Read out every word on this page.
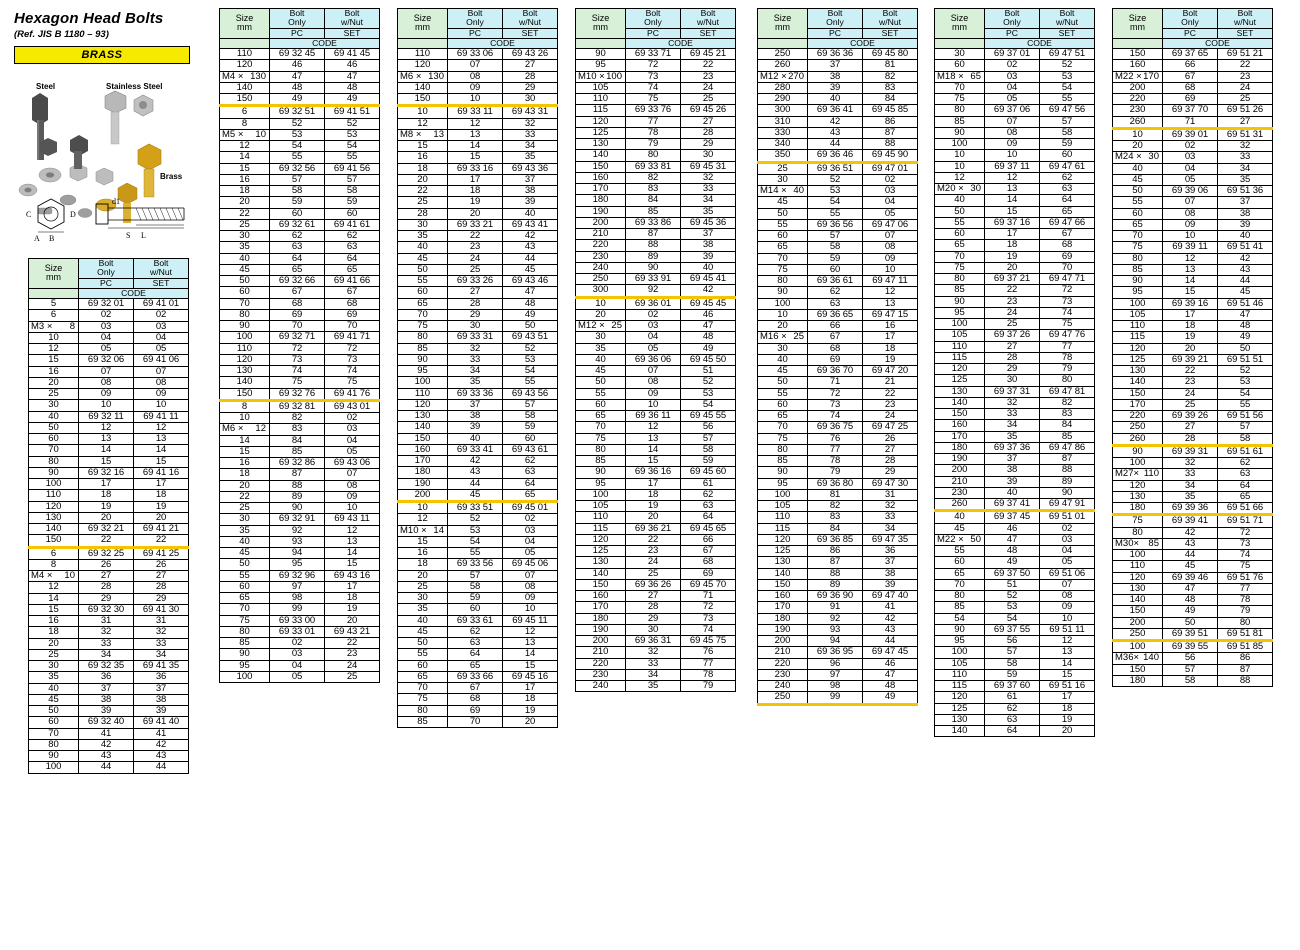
Hexagon Head Bolts
(Ref. JIS B 1180 – 93)
BRASS
Steel	Stainless Steel
Brass
C
B
D
A
d1
L
S
Size
mm

Bolt
Only

Bolt
w/Nut

	PC	SET
	CODE	
110	69 32 45	69 41 45
120	46	46

M4 × 130	47	47
140	48	48
150	49	49
6	69 32 51	69 41 51
8	52	52

M5 × 10	53	53
12	54	54
14	55	55
15	69 32 56	69 41 56
16	57	57
18	58	58
20	59	59
22	60	60
25	69 32 61	69 41 61
30	62	62
35	63	63
40	64	64
45	65	65
50	69 32 66	69 41 66
60	67	67
70	68	68
80	69	69
90	70	70
100	69 32 71	69 41 71
110	72	72
120	73	73
130	74	74
140	75	75
150	69 32 76	69 41 76
8	69 32 81	69 43 01
10	82	02

M6 × 12	83	03
14	84	04
15	85	05
16	69 32 86	69 43 06
18	87	07
20	88	08
22	89	09
25	90	10
30	69 32 91	69 43 11
35	92	12
40	93	13
45	94	14
50	95	15
55	69 32 96	69 43 16
60	97	17
65	98	18
70	99	19
75	69 33 00	20
80	69 33 01	69 43 21
85	02	22
90	03	23
95	04	24
100	05	25
Size
mm

Bolt
Only

Bolt
w/Nut

	PC	SET
	CODE	
5	69 32 01	69 41 01
6	02	02

M3 × 8	03	03
10	04	04
12	05	05
15	69 32 06	69 41 06
16	07	07
20	08	08
25	09	09
30	10	10
40	69 32 11	69 41 11
50	12	12
60	13	13
70	14	14
80	15	15
90	69 32 16	69 41 16
100	17	17
110	18	18
120	19	19
130	20	20
140	69 32 21	69 41 21
150	22	22
6	69 32 25	69 41 25
8	26	26

M4 × 10	27	27
12	28	28
14	29	29
15	69 32 30	69 41 30
16	31	31
18	32	32
20	33	33
25	34	34
30	69 32 35	69 41 35
35	36	36
40	37	37
45	38	38
50	39	39
60	69 32 40	69 41 40
70	41	41
80	42	42
90	43	43
100	44	44
Size
mm

Bolt
Only

Bolt
w/Nut

	PC	SET
	CODE	
110	69 33 06	69 43 26
120	07	27

M6 × 130	08	28
140	09	29
150	10	30
10	69 33 11	69 43 31
12	12	32

M8 × 13	13	33
15	14	34
16	15	35
18	69 33 16	69 43 36
20	17	37
22	18	38
25	19	39
28	20	40
30	69 33 21	69 43 41
35	22	42
40	23	43
45	24	44
50	25	45
55	69 33 26	69 43 46
60	27	47
65	28	48
70	29	49
75	30	50
80	69 33 31	69 43 51
85	32	52
90	33	53
95	34	54
100	35	55
110	69 33 36	69 43 56
120	37	57
130	38	58
140	39	59
150	40	60
160	69 33 41	69 43 61
170	42	62
180	43	63
190	44	64
200	45	65
10	69 33 51	69 45 01
12	52	02

M10 × 14	53	03
15	54	04
16	55	05
18	69 33 56	69 45 06
20	57	07
25	58	08
30	59	09
35	60	10
40	69 33 61	69 45 11
45	62	12
50	63	13
55	64	14
60	65	15
65	69 33 66	69 45 16
70	67	17
75	68	18
80	69	19
85	70	20
Size
mm

Bolt
Only

Bolt
w/Nut

	PC	SET
	CODE	
90	69 33 71	69 45 21
95	72	22

M10 × 100	73	23
105	74	24
110	75	25
115	69 33 76	69 45 26
120	77	27
125	78	28
130	79	29
140	80	30
150	69 33 81	69 45 31
160	82	32
170	83	33
180	84	34
190	85	35
200	69 33 86	69 45 36
210	87	37
220	88	38
230	89	39
240	90	40
250	69 33 91	69 45 41
300	92	42
10	69 36 01	69 45 45
20	02	46

M12 × 25	03	47
30	04	48
35	05	49
40	69 36 06	69 45 50
45	07	51
50	08	52
55	09	53
60	10	54
65	69 36 11	69 45 55
70	12	56
75	13	57
80	14	58
85	15	59
90	69 36 16	69 45 60
95	17	61
100	18	62
105	19	63
110	20	64
115	69 36 21	69 45 65
120	22	66
125	23	67
130	24	68
140	25	69
150	69 36 26	69 45 70
160	27	71
170	28	72
180	29	73
190	30	74
200	69 36 31	69 45 75
210	32	76
220	33	77
230	34	78
240	35	79
Size
mm

Bolt
Only

Bolt
w/Nut

	PC	SET
	CODE	
250	69 36 36	69 45 80
260	37	81

M12 × 270	38	82
280	39	83
290	40	84
300	69 36 41	69 45 85
310	42	86
330	43	87
340	44	88
350	69 36 46	69 45 90
25	69 36 51	69 47 01
30	52	02

M14 × 40	53	03
45	54	04
50	55	05
55	69 36 56	69 47 06
60	57	07
65	58	08
70	59	09
75	60	10
80	69 36 61	69 47 11
90	62	12
100	63	13
10	69 36 65	69 47 15
20	66	16

M16 × 25	67	17
30	68	18
40	69	19
45	69 36 70	69 47 20
50	71	21
55	72	22
60	73	23
65	74	24
70	69 36 75	69 47 25
75	76	26
80	77	27
85	78	28
90	79	29
95	69 36 80	69 47 30
100	81	31
105	82	32
110	83	33
115	84	34
120	69 36 85	69 47 35
125	86	36
130	87	37
140	88	38
150	89	39
160	69 36 90	69 47 40
170	91	41
180	92	42
190	93	43
200	94	44
210	69 36 95	69 47 45
220	96	46
230	97	47
240	98	48
250	99	49
Size
mm

Bolt
Only

Bolt
w/Nut

	PC	SET
	CODE	
30	69 37 01	69 47 51
60	02	52

M18 × 65	03	53
70	04	54
75	05	55
80	69 37 06	69 47 56
85	07	57
90	08	58
100	09	59
10	10	60
10	69 37 11	69 47 61
12	12	62

M20 × 30	13	63
40	14	64
50	15	65
55	69 37 16	69 47 66
60	17	67
65	18	68
70	19	69
75	20	70
80	69 37 21	69 47 71
85	22	72
90	23	73
95	24	74
100	25	75
105	69 37 26	69 47 76
110	27	77
115	28	78
120	29	79
125	30	80
130	69 37 31	69 47 81
140	32	82
150	33	83
160	34	84
170	35	85
180	69 37 36	69 47 86
190	37	87
200	38	88
210	39	89
230	40	90
260	69 37 41	69 47 91
40	69 37 45	69 51 01
45	46	02

M22 × 50	47	03
55	48	04
60	49	05
65	69 37 50	69 51 06
70	51	07
80	52	08
85	53	09
54	54	10
90	69 37 55	69 51 11
95	56	12
100	57	13
105	58	14
110	59	15
115	69 37 60	69 51 16
120	61	17
125	62	18
130	63	19
140	64	20
Size
mm

Bolt
Only

Bolt
w/Nut

	PC	SET
	CODE	
150	69 37 65	69 51 21
160	66	22

M22 × 170	67	23
200	68	24
220	69	25
230	69 37 70	69 51 26
260	71	27
10	69 39 01	69 51 31
20	02	32

M24 × 30	03	33
40	04	34
45	05	35
50	69 39 06	69 51 36
55	07	37
60	08	38
65	09	39
70	10	40
75	69 39 11	69 51 41
80	12	42
85	13	43
90	14	44
95	15	45
100	69 39 16	69 51 46
105	17	47
110	18	48
115	19	49
120	20	50
125	69 39 21	69 51 51
130	22	52
140	23	53
150	24	54
170	25	55
220	69 39 26	69 51 56
250	27	57
260	28	58
90	69 39 31	69 51 61
100	32	62

M27× 110	33	63
120	34	64
130	35	65
180	69 39 36	69 51 66
75	69 39 41	69 51 71
80	42	72

M30× 85	43	73
100	44	74
110	45	75
120	69 39 46	69 51 76
130	47	77
140	48	78
150	49	79
200	50	80
250	69 39 51	69 51 81
100	69 39 55	69 51 85

M36× 140	56	86
150	57	87
180	58	88
